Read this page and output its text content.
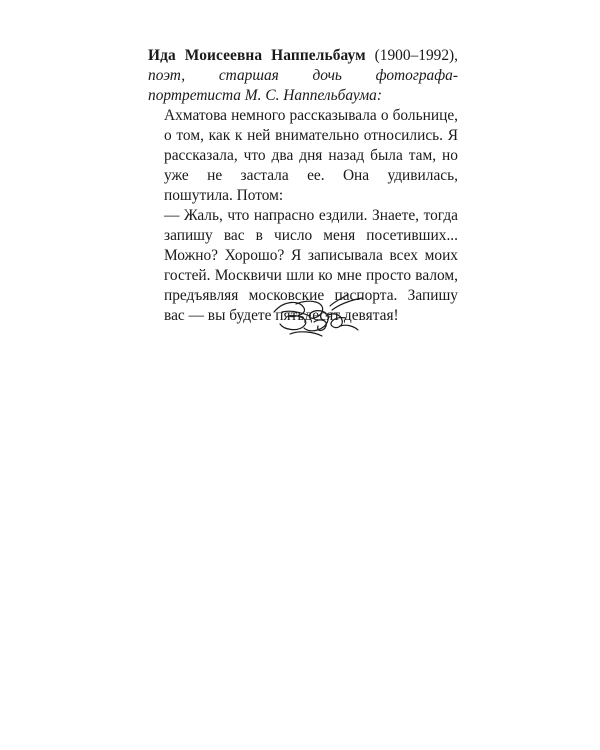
Ида Моисеевна Наппельбаум (1900–1992), поэт, старшая дочь фотографа-портретиста М. С. Наппельбаума:

Ахматова немного рассказывала о больнице, о том, как к ней внимательно относились. Я рассказала, что два дня назад была там, но уже не застала ее. Она удивилась, пошутила. Потом:

— Жаль, что напрасно ездили. Знаете, тогда запишу вас в число меня посетивших... Можно? Хорошо? Я записывала всех моих гостей. Москвичи шли ко мне просто валом, предъявляя московские паспорта. Запишу вас — вы будете пятьдесят девятая!
